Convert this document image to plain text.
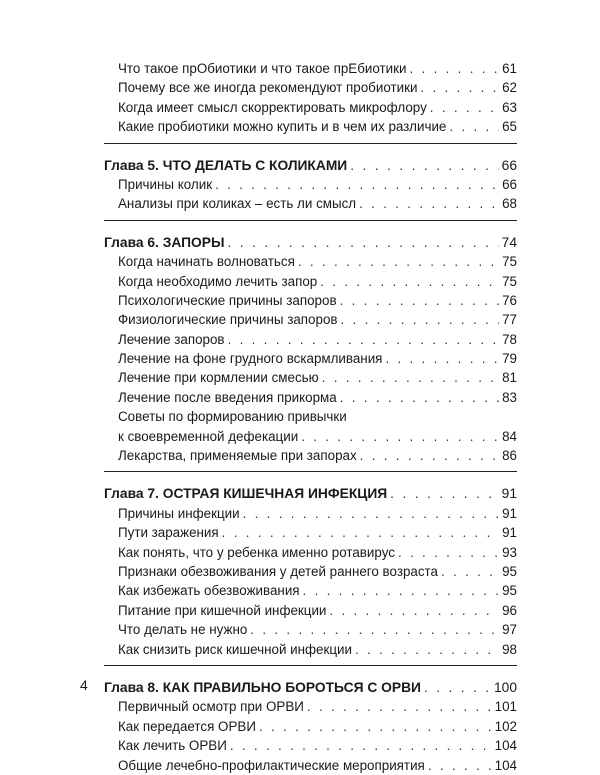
Что такое прОбиотики и что такое прЕбиотики . . .	61
Почему все же иногда рекомендуют пробиотики . . .	62
Когда имеет смысл скорректировать микрофлору . . .	63
Какие пробиотики можно купить и в чем их различие . . .	65
Глава 5. ЧТО ДЕЛАТЬ С КОЛИКАМИ . . .	66
Причины колик . . .	66
Анализы при коликах – есть ли смысл . . .	68
Глава 6. ЗАПОРЫ . . .	74
Когда начинать волноваться . . .	75
Когда необходимо лечить запор . . .	75
Психологические причины запоров . . .	76
Физиологические причины запоров . . .	77
Лечение запоров . . .	78
Лечение на фоне грудного вскармливания . . .	79
Лечение при кормлении смесью . . .	81
Лечение после введения прикорма . . .	83
Советы по формированию привычки
к своевременной дефекации . . .	84
Лекарства, применяемые при запорах . . .	86
Глава 7. ОСТРАЯ КИШЕЧНАЯ ИНФЕКЦИЯ . . .	91
Причины инфекции . . .	91
Пути заражения . . .	91
Как понять, что у ребенка именно ротавирус . . .	93
Признаки обезвоживания у детей раннего возраста . . .	95
Как избежать обезвоживания . . .	95
Питание при кишечной инфекции . . .	96
Что делать не нужно . . .	97
Как снизить риск кишечной инфекции . . .	98
Глава 8. КАК ПРАВИЛЬНО БОРОТЬСЯ С ОРВИ . . .	100
Первичный осмотр при ОРВИ . . .	101
Как передается ОРВИ . . .	102
Как лечить ОРВИ . . .	104
Общие лечебно-профилактические мероприятия . . .	104
4
